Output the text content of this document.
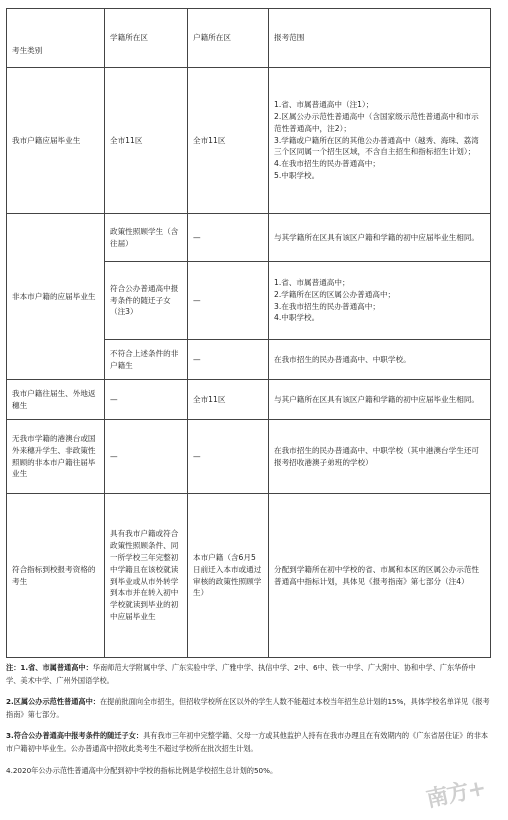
考生类别	学籍所在区	户籍所在区	报考范围
我市户籍应届毕业生	全市11区	全市11区	1.省、市属普通高中（注1）；
2.区属公办示范性普通高中（含国家级示范性普通高中和市示范性普通高中，注2）；
3.学籍或户籍所在区的其他公办普通高中（越秀、海珠、荔湾三个区同属一个招生区域，不含自主招生和指标招生计划）；
4.在我市招生的民办普通高中；
5.中职学校。

非本市户籍的应届毕业生	政策性照顾学生（含往届）	—	与其学籍所在区具有该区户籍和学籍的初中应届毕业生相同。
	符合公办普通高中报考条件的随迁子女（注3）	—	1.省、市属普通高中；
2.学籍所在区的区属公办普通高中；
3.在我市招生的民办普通高中；
4.中职学校。

	不符合上述条件的非户籍生	—	在我市招生的民办普通高中、中职学校。
我市户籍往届生、外地返穗生	—	全市11区	与其户籍所在区具有该区户籍和学籍的初中应届毕业生相同。
无我市学籍的港澳台或国外来穗升学生、非政策性照顾的非本市户籍往届毕业生	—	—	在我市招生的民办普通高中、中职学校（其中港澳台学生还可报考招收港澳子弟班的学校）
符合指标到校报考资格的考生	具有我市户籍或符合政策性照顾条件、同一所学校三年完整初中学籍且在该校就读到毕业或从市外转学到本市并在转入初中学校就读到毕业的初中应届毕业生	本市户籍（含6月5日前迁入本市或通过审核的政策性照顾学生）	分配到学籍所在初中学校的省、市属和本区的区属公办示范性普通高中指标计划，具体见《报考指南》第七部分（注4）

注：1.省、市属普通高中：华南师范大学附属中学、广东实验中学、广雅中学、执信中学、2中、6中、铁一中学、广大附中、协和中学、广东华侨中学、美术中学、广州外国语学校。

2.区属公办示范性普通高中：在提前批面向全市招生，但招收学校所在区以外的学生人数不能超过本校当年招生总计划的15%，具体学校名单详见《报考指南》第七部分。

3.符合公办普通高中报考条件的随迁子女：具有我市三年初中完整学籍、父母一方或其他监护人持有在我市办理且在有效期内的《广东省居住证》的非本市户籍初中毕业生。公办普通高中招收此类考生不超过学校所在批次招生计划。

4.2020年公办示范性普通高中分配到初中学校的指标比例是学校招生总计划的50%。

南方+
